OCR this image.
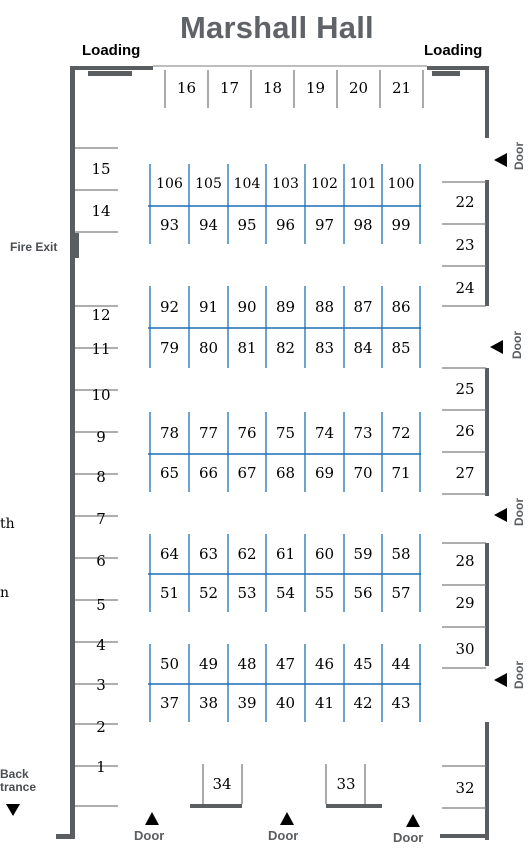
Marshall Hall
Loading	Loading
Fire Exit
Back
trance
th
n
Door
Door
Door
Door
Door	Door	Door
16	17	18	19	20	21
15
14
12
11
10
9
8
7
6
5
4
3
2
1
22
23
24
25
26
27
28
29
30
32
34	33
106 105 104 103 102 101 100
93	94	95	96	97	98	99
92	91	90	89	88	87	86
79	80	81	82	83	84	85
78	77	76	75	74	73	72
65	66	67	68	69	70	71
64	63	62	61	60	59	58
51	52	53	54	55	56	57
50	49	48	47	46	45	44
37	38	39	40	41	42	43
